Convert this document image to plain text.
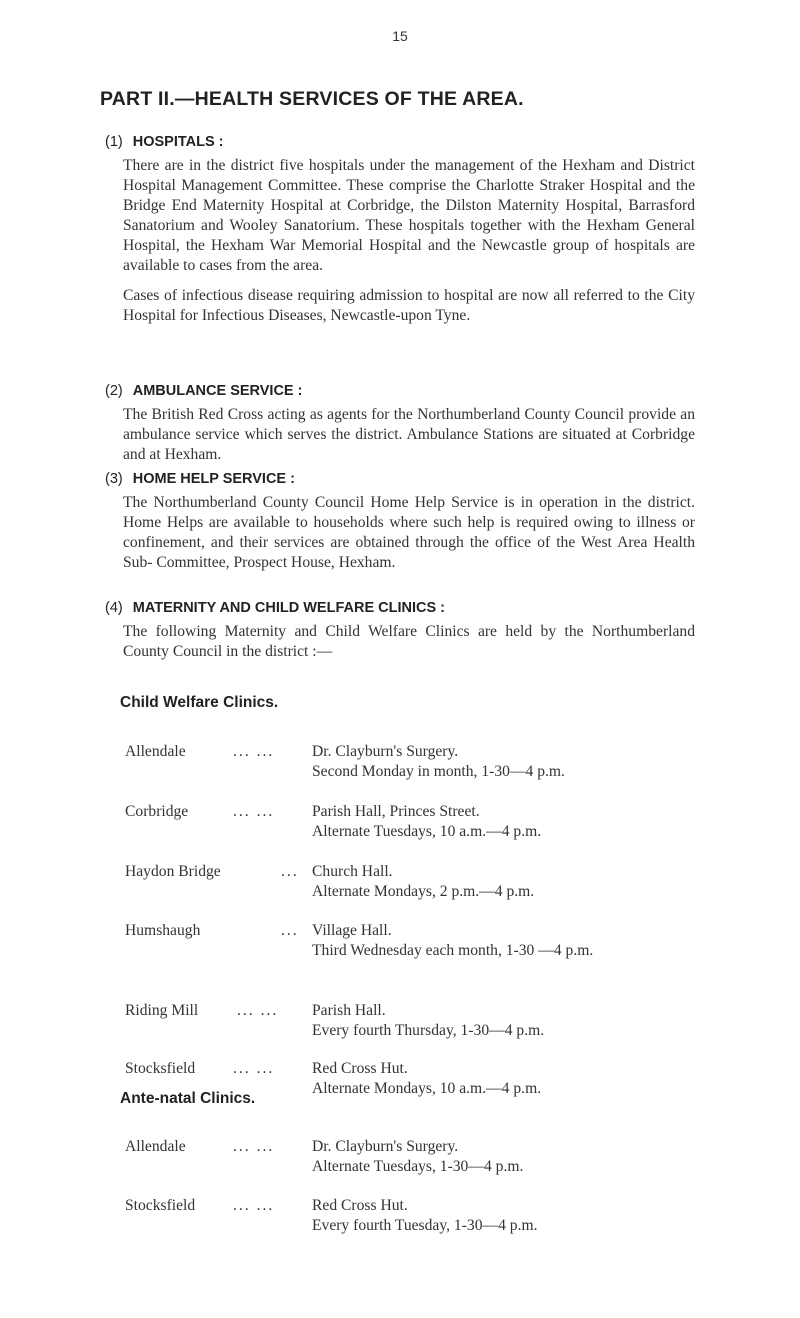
15
PART II.—HEALTH SERVICES OF THE AREA.
(1) HOSPITALS :

There are in the district five hospitals under the management of the Hexham and District Hospital Management Committee. These comprise the Charlotte Straker Hospital and the Bridge End Maternity Hospital at Corbridge, the Dilston Maternity Hospital, Barrasford Sanatorium and Wooley Sanatorium. These hospitals together with the Hexham General Hospital, the Hexham War Memorial Hospital and the Newcastle group of hospitals are available to cases from the area.

Cases of infectious disease requiring admission to hospital are now all referred to the City Hospital for Infectious Diseases, Newcastle-upon Tyne.

(2) AMBULANCE SERVICE :

The British Red Cross acting as agents for the Northumberland County Council provide an ambulance service which serves the district. Ambulance Stations are situated at Corbridge and at Hexham.

(3) HOME HELP SERVICE :

The Northumberland County Council Home Help Service is in operation in the district. Home Helps are available to households where such help is required owing to illness or confinement, and their services are obtained through the office of the West Area Health Sub- Committee, Prospect House, Hexham.

(4) MATERNITY AND CHILD WELFARE CLINICS :

The following Maternity and Child Welfare Clinics are held by the Northumberland County Council in the district :—

Child Welfare Clinics.
Allendale	... ... Dr. Clayburn's Surgery.
Second Monday in month, 1-30—4 p.m.
Corbridge	... ... Parish Hall, Princes Street.
Alternate Tuesdays, 10 a.m.—4 p.m.
Haydon Bridge	... Church Hall.
Alternate Mondays, 2 p.m.—4 p.m.
Humshaugh	... Village Hall.
Third Wednesday each month, 1-30 —4 p.m.
Riding Mill	... ... Parish Hall.
Every fourth Thursday, 1-30—4 p.m.
Stocksfield	... ... Red Cross Hut.
Alternate Mondays, 10 a.m.—4 p.m.
Ante-natal Clinics.
Allendale	... ... Dr. Clayburn's Surgery.
Alternate Tuesdays, 1-30—4 p.m.
Stocksfield	... ... Red Cross Hut.
Every fourth Tuesday, 1-30—4 p.m.
